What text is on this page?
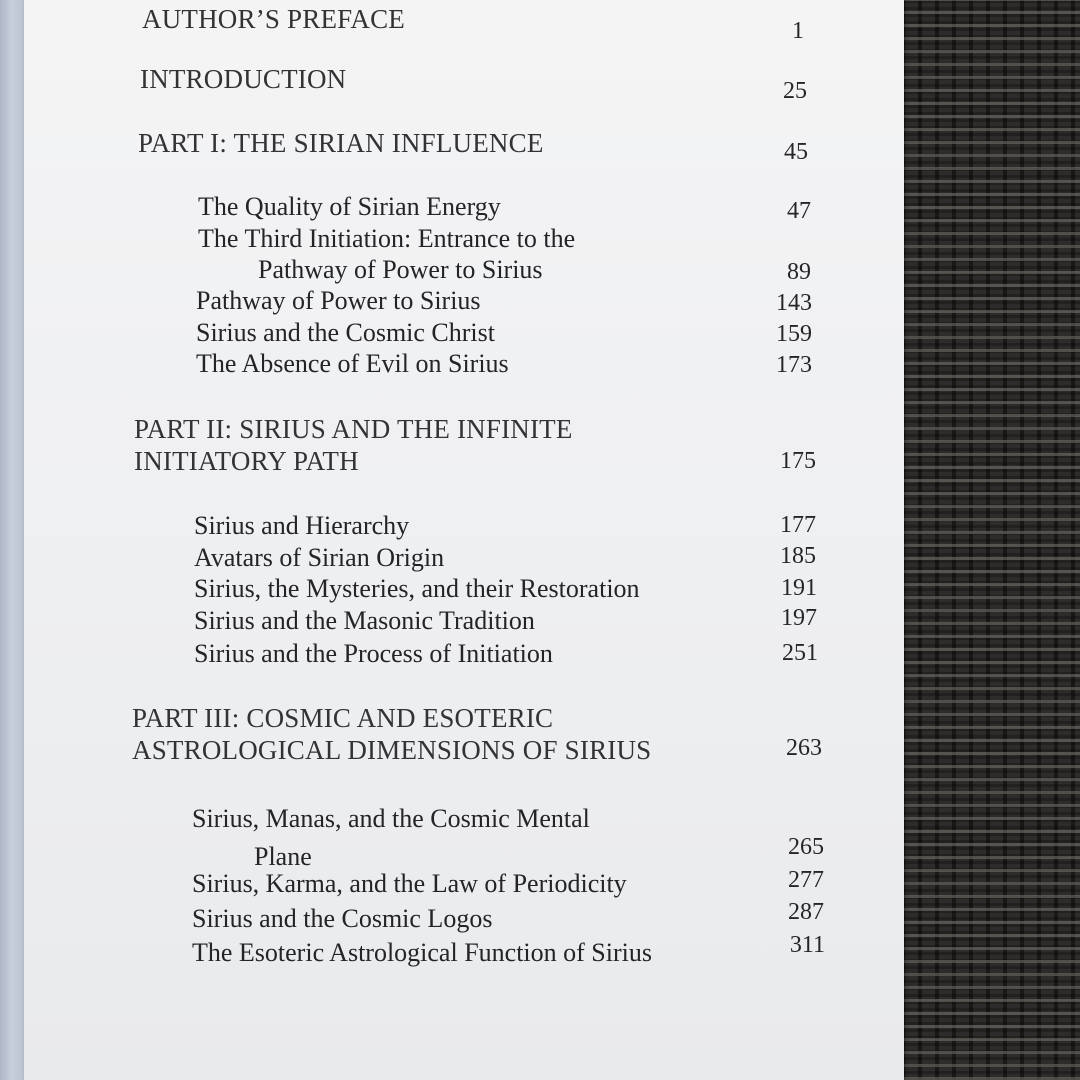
AUTHOR’S PREFACE	1
INTRODUCTION	25
PART I: THE SIRIAN INFLUENCE	45
The Quality of Sirian Energy	47
The Third Initiation: Entrance to the
Pathway of Power to Sirius	89
Pathway of Power to Sirius	143
Sirius and the Cosmic Christ	159
The Absence of Evil on Sirius	173
PART II: SIRIUS AND THE INFINITE
INITIATORY PATH	175
Sirius and Hierarchy	177
Avatars of Sirian Origin	185
Sirius, the Mysteries, and their Restoration	191
Sirius and the Masonic Tradition	197
Sirius and the Process of Initiation	251
PART III: COSMIC AND ESOTERIC
ASTROLOGICAL DIMENSIONS OF SIRIUS	263
Sirius, Manas, and the Cosmic Mental
Plane	265
Sirius, Karma, and the Law of Periodicity	277
Sirius and the Cosmic Logos	287
The Esoteric Astrological Function of Sirius	311
